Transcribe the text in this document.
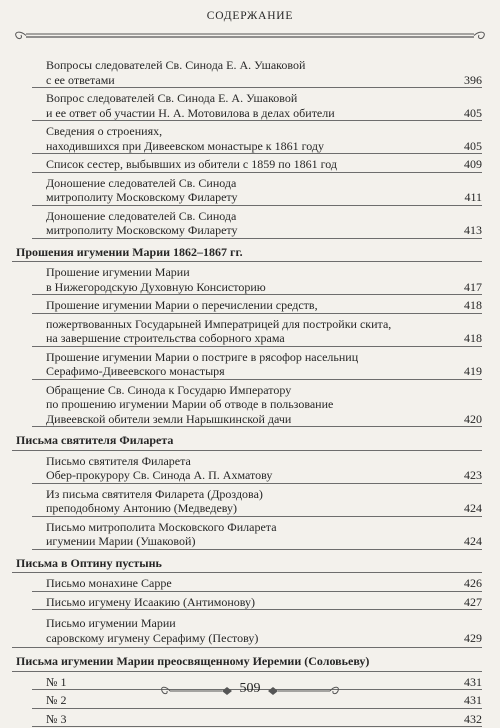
СОДЕРЖАНИЕ
Вопросы следователей Св. Синода Е. А. Ушаковой
с ее ответами	396
Вопрос следователей Св. Синода Е. А. Ушаковой
и ее ответ об участии Н. А. Мотовилова в делах обители	405
Сведения о строениях,
находившихся при Дивеевском монастыре к 1861 году	405
Список сестер, выбывших из обители с 1859 по 1861 год	409
Доношение следователей Св. Синода
митрополиту Московскому Филарету	411
Доношение следователей Св. Синода
митрополиту Московскому Филарету	413
Прошения игумении Марии 1862–1867 гг.
Прошение игумении Марии
в Нижегородскую Духовную Консисторию	417
Прошение игумении Марии о перечислении средств,	418
пожертвованных Государыней Императрицей для постройки скита,
на завершение строительства соборного храма	418
Прошение игумении Марии о постриге в рясофор насельниц
Серафимо-Дивеевского монастыря	419
Обращение Св. Синода к Государю Императору
по прошению игумении Марии об отводе в пользование
Дивеевской обители земли Нарышкинской дачи	420
Письма святителя Филарета
Письмо святителя Филарета
Обер-прокурору Св. Синода А. П. Ахматову	423
Из письма святителя Филарета (Дроздова)
преподобному Антонию (Медведеву)	424
Письмо митрополита Московского Филарета
игумении Марии (Ушаковой)	424
Письма в Оптину пустынь
Письмо монахине Сарре	426
Письмо игумену Исаакию (Антимонову)	427
Письмо игумении Марии
саровскому игумену Серафиму (Пестову)	429
Письма игумении Марии преосвященному Иеремии (Соловьеву)
№ 1	431
№ 2	431
№ 3	432
509
